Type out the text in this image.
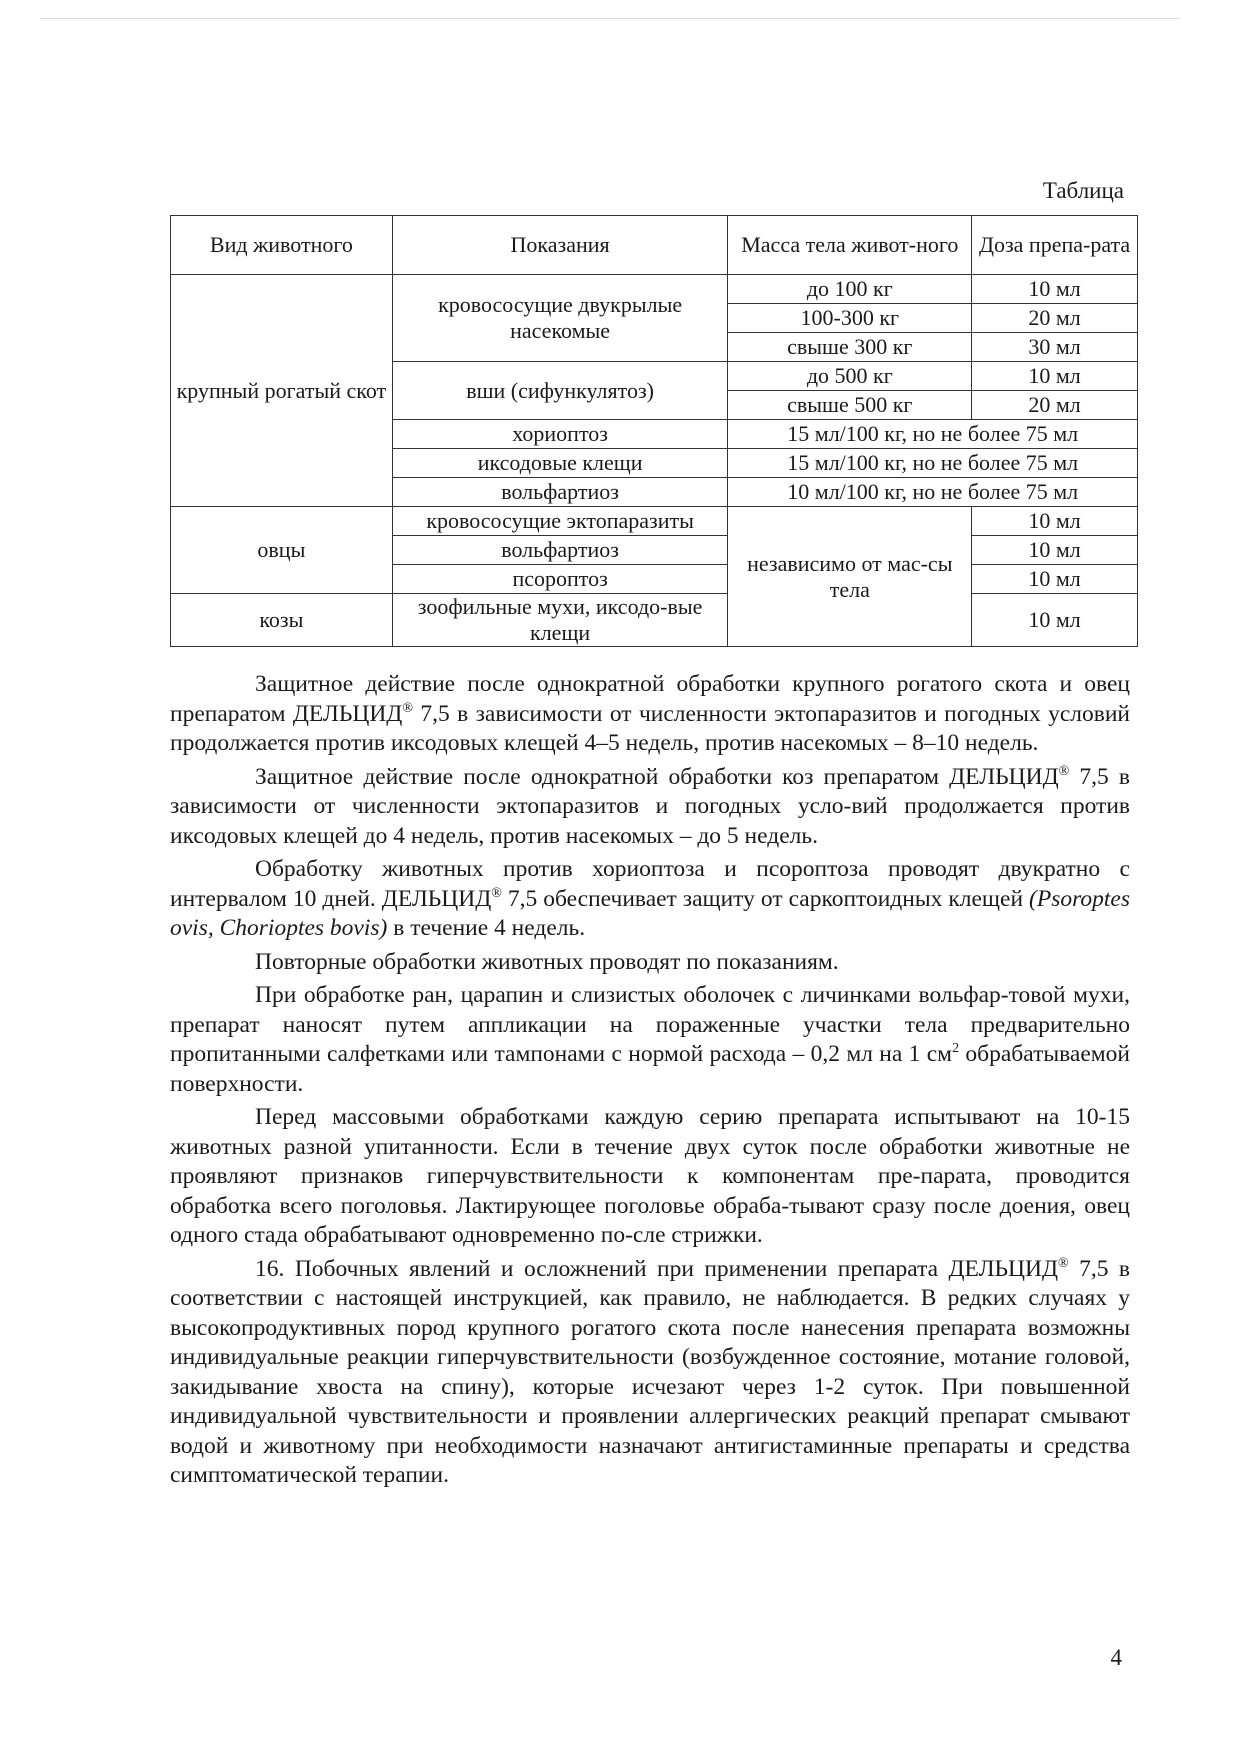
Таблица
Вид животного	Показания	Масса тела живот-ного	Доза препа-рата
крупный рогатый скот	кровососущие двукрылые насекомые	до 100 кг	10 мл
		100-300 кг	20 мл
		свыше 300 кг	30 мл
	вши (сифункулятоз)	до 500 кг	10 мл
		свыше 500 кг	20 мл
	хориоптоз	15 мл/100 кг, но не более 75 мл	
	иксодовые клещи	15 мл/100 кг, но не более 75 мл	
	вольфартиоз	10 мл/100 кг, но не более 75 мл	
овцы	кровососущие эктопаразиты	независимо от мас-сы тела	10 мл
	вольфартиоз		10 мл
	псороптоз		10 мл
козы	зоофильные мухи, иксодо-вые клещи		10 мл

Защитное действие после однократной обработки крупного рогатого скота и овец препаратом ДЕЛЬЦИД® 7,5 в зависимости от численности эктопаразитов и погодных условий продолжается против иксодовых клещей 4–5 недель, против насекомых – 8–10 недель.

Защитное действие после однократной обработки коз препаратом ДЕЛЬЦИД® 7,5 в зависимости от численности эктопаразитов и погодных усло-вий продолжается против иксодовых клещей до 4 недель, против насекомых – до 5 недель.

Обработку животных против хориоптоза и псороптоза проводят двукратно с интервалом 10 дней. ДЕЛЬЦИД® 7,5 обеспечивает защиту от саркоптоидных клещей (Psoroptes ovis, Chorioptes bovis) в течение 4 недель.

Повторные обработки животных проводят по показаниям.

При обработке ран, царапин и слизистых оболочек с личинками вольфар-товой мухи, препарат наносят путем аппликации на пораженные участки тела предварительно пропитанными салфетками или тампонами с нормой расхода – 0,2 мл на 1 $см^2$ обрабатываемой поверхности.

Перед массовыми обработками каждую серию препарата испытывают на 10-15 животных разной упитанности. Если в течение двух суток после обработки животные не проявляют признаков гиперчувствительности к компонентам пре-парата, проводится обработка всего поголовья. Лактирующее поголовье обраба-тывают сразу после доения, овец одного стада обрабатывают одновременно по-сле стрижки.

16. Побочных явлений и осложнений при применении препарата ДЕЛЬЦИД® 7,5 в соответствии с настоящей инструкцией, как правило, не наблюдается. В редких случаях у высокопродуктивных пород крупного рогатого скота после нанесения препарата возможны индивидуальные реакции гиперчувствительности (возбужденное состояние, мотание головой, закидывание хвоста на спину), которые исчезают через 1-2 суток. При повышенной индивидуальной чувствительности и проявлении аллергических реакций препарат смывают водой и животному при необходимости назначают антигистаминные препараты и средства симптоматической терапии.

4
